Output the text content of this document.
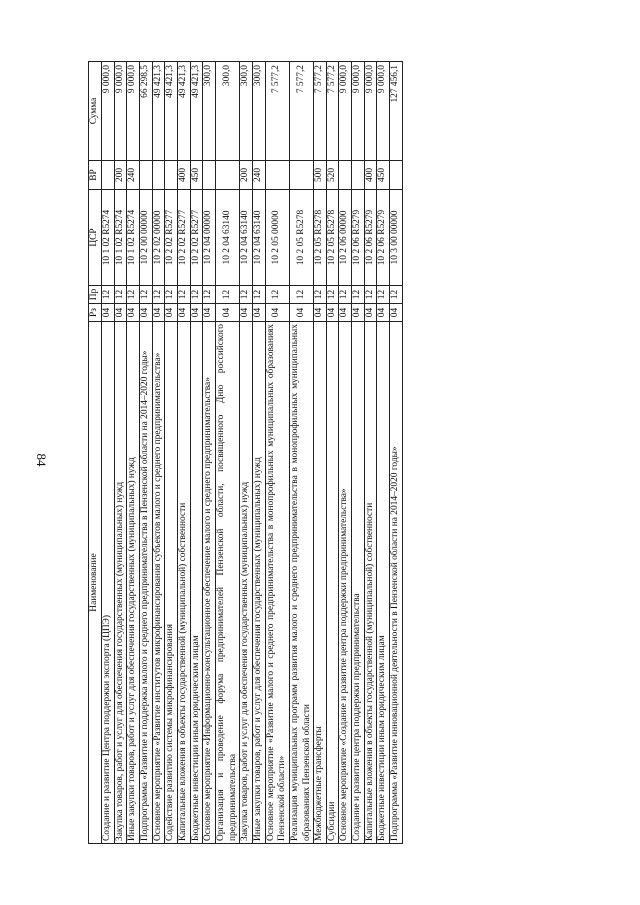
84
Наименование	Рз	Пр	ЦСР	ВР	Сумма
Создание и развитие Центра поддержки экспорта (ЦПЭ)	04	12	10 1 02 R5274		9 000,0
Закупка товаров, работ и услуг для обеспечения государственных (муниципальных) нужд	04	12	10 1 02 R5274	200	9 000,0
Иные закупки товаров, работ и услуг для обеспечения государственных (муниципальных) нужд	04	12	10 1 02 R5274	240	9 000,0
Подпрограмма «Развитие и поддержка малого и среднего предпринимательства в Пензенской области на 2014–2020 годы»	04	12	10 2 00 00000		66 298,5
Основное мероприятие «Развитие институтов микрофинансирования субъектов малого и среднего предпринимательства»	04	12	10 2 02 00000		49 421,3
Содействие развитию системы микрофинансирования	04	12	10 2 02 R5277		49 421,3
Капитальные вложения в объекты государственной (муниципальной) собственности	04	12	10 2 02 R5277	400	49 421,3
Бюджетные инвестиции иным юридическим лицам	04	12	10 2 02 R5277	450	49 421,3
Основное мероприятие «Информационно-консультационное обеспечение малого и среднего предпринимательства»	04	12	10 2 04 00000		300,0
Организация и проведение форума предпринимателей Пензенской области, посвященного Дню российского предпринимательства	04	12	10 2 04 63140		300,0
Закупка товаров, работ и услуг для обеспечения государственных (муниципальных) нужд	04	12	10 2 04 63140	200	300,0
Иные закупки товаров, работ и услуг для обеспечения государственных (муниципальных) нужд	04	12	10 2 04 63140	240	300,0
Основное мероприятие «Развитие малого и среднего предпринимательства в монопрофильных муниципальных образованиях Пензенской области»	04	12	10 2 05 00000		7 577,2
Реализация муниципальных программ развития малого и среднего предпринимательства в монопрофильных муниципальных образованиях Пензенской области	04	12	10 2 05 R5278		7 577,2
Межбюджетные трансферты	04	12	10 2 05 R5278	500	7 577,2
Субсидии	04	12	10 2 05 R5278	520	7 577,2
Основное мероприятие «Создание и развитие центра поддержки предпринимательства»	04	12	10 2 06 00000		9 000,0
Создание и развитие центра поддержки предпринимательства	04	12	10 2 06 R5279		9 000,0
Капитальные вложения в объекты государственной (муниципальной) собственности	04	12	10 2 06 R5279	400	9 000,0
Бюджетные инвестиции иным юридическим лицам	04	12	10 2 06 R5279	450	9 000,0
Подпрограмма «Развитие инновационной деятельности в Пензенской области на 2014–2020 годы»	04	12	10 3 00 00000		127 456,1
